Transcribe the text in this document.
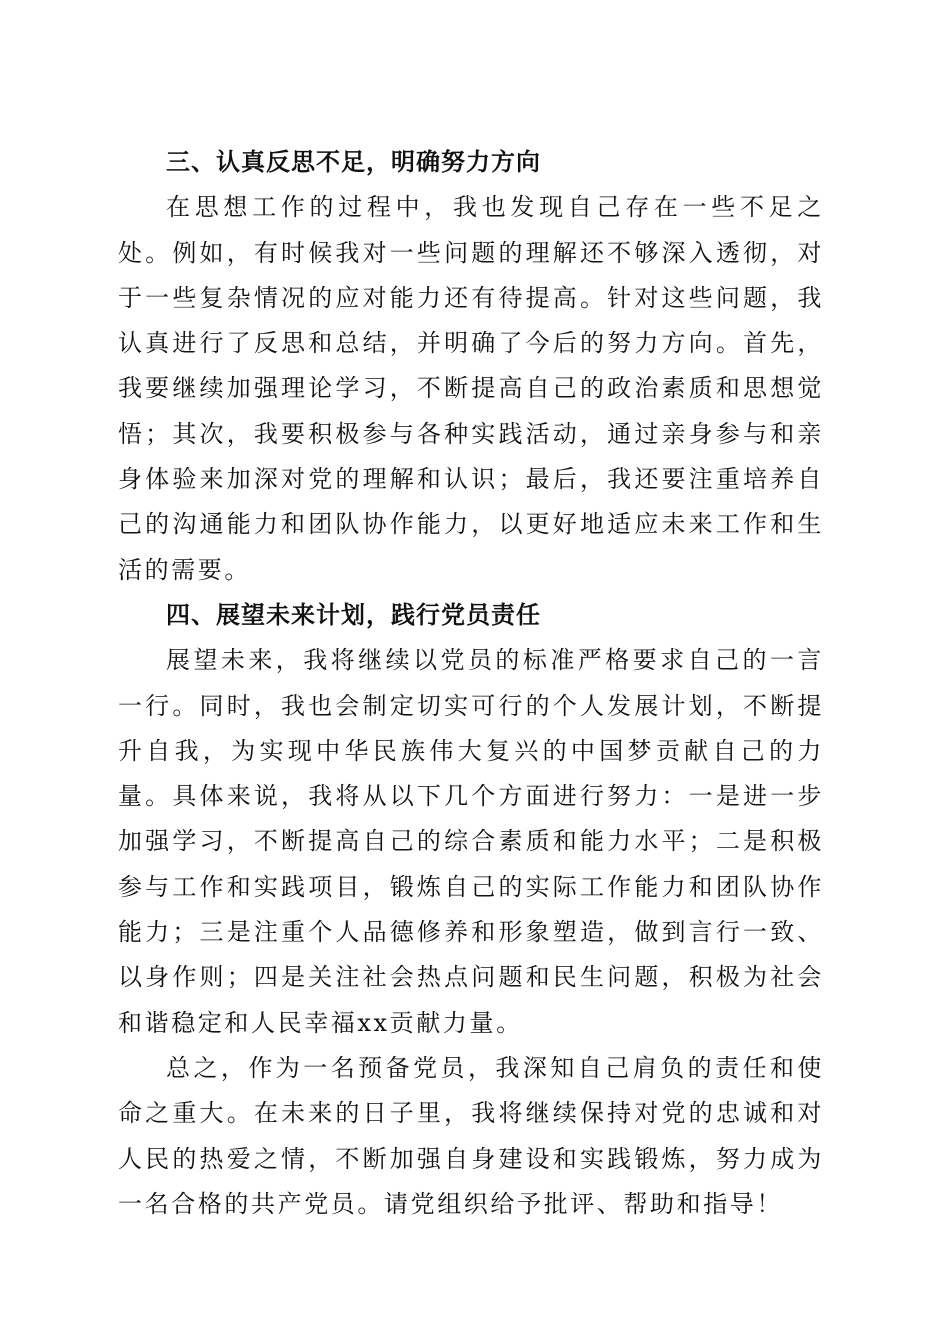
三、认真反思不足，明确努力方向

在思想工作的过程中，我也发现自己存在一些不足之处。例如，有时候我对一些问题的理解还不够深入透彻，对于一些复杂情况的应对能力还有待提高。针对这些问题，我认真进行了反思和总结，并明确了今后的努力方向。首先，我要继续加强理论学习，不断提高自己的政治素质和思想觉悟；其次，我要积极参与各种实践活动，通过亲身参与和亲身体验来加深对党的理解和认识；最后，我还要注重培养自己的沟通能力和团队协作能力，以更好地适应未来工作和生活的需要。

四、展望未来计划，践行党员责任

展望未来，我将继续以党员的标准严格要求自己的一言一行。同时，我也会制定切实可行的个人发展计划，不断提升自我，为实现中华民族伟大复兴的中国梦贡献自己的力量。具体来说，我将从以下几个方面进行努力：一是进一步加强学习，不断提高自己的综合素质和能力水平；二是积极参与工作和实践项目，锻炼自己的实际工作能力和团队协作能力；三是注重个人品德修养和形象塑造，做到言行一致、以身作则；四是关注社会热点问题和民生问题，积极为社会和谐稳定和人民幸福xx贡献力量。

总之，作为一名预备党员，我深知自己肩负的责任和使命之重大。在未来的日子里，我将继续保持对党的忠诚和对人民的热爱之情，不断加强自身建设和实践锻炼，努力成为一名合格的共产党员。请党组织给予批评、帮助和指导！
